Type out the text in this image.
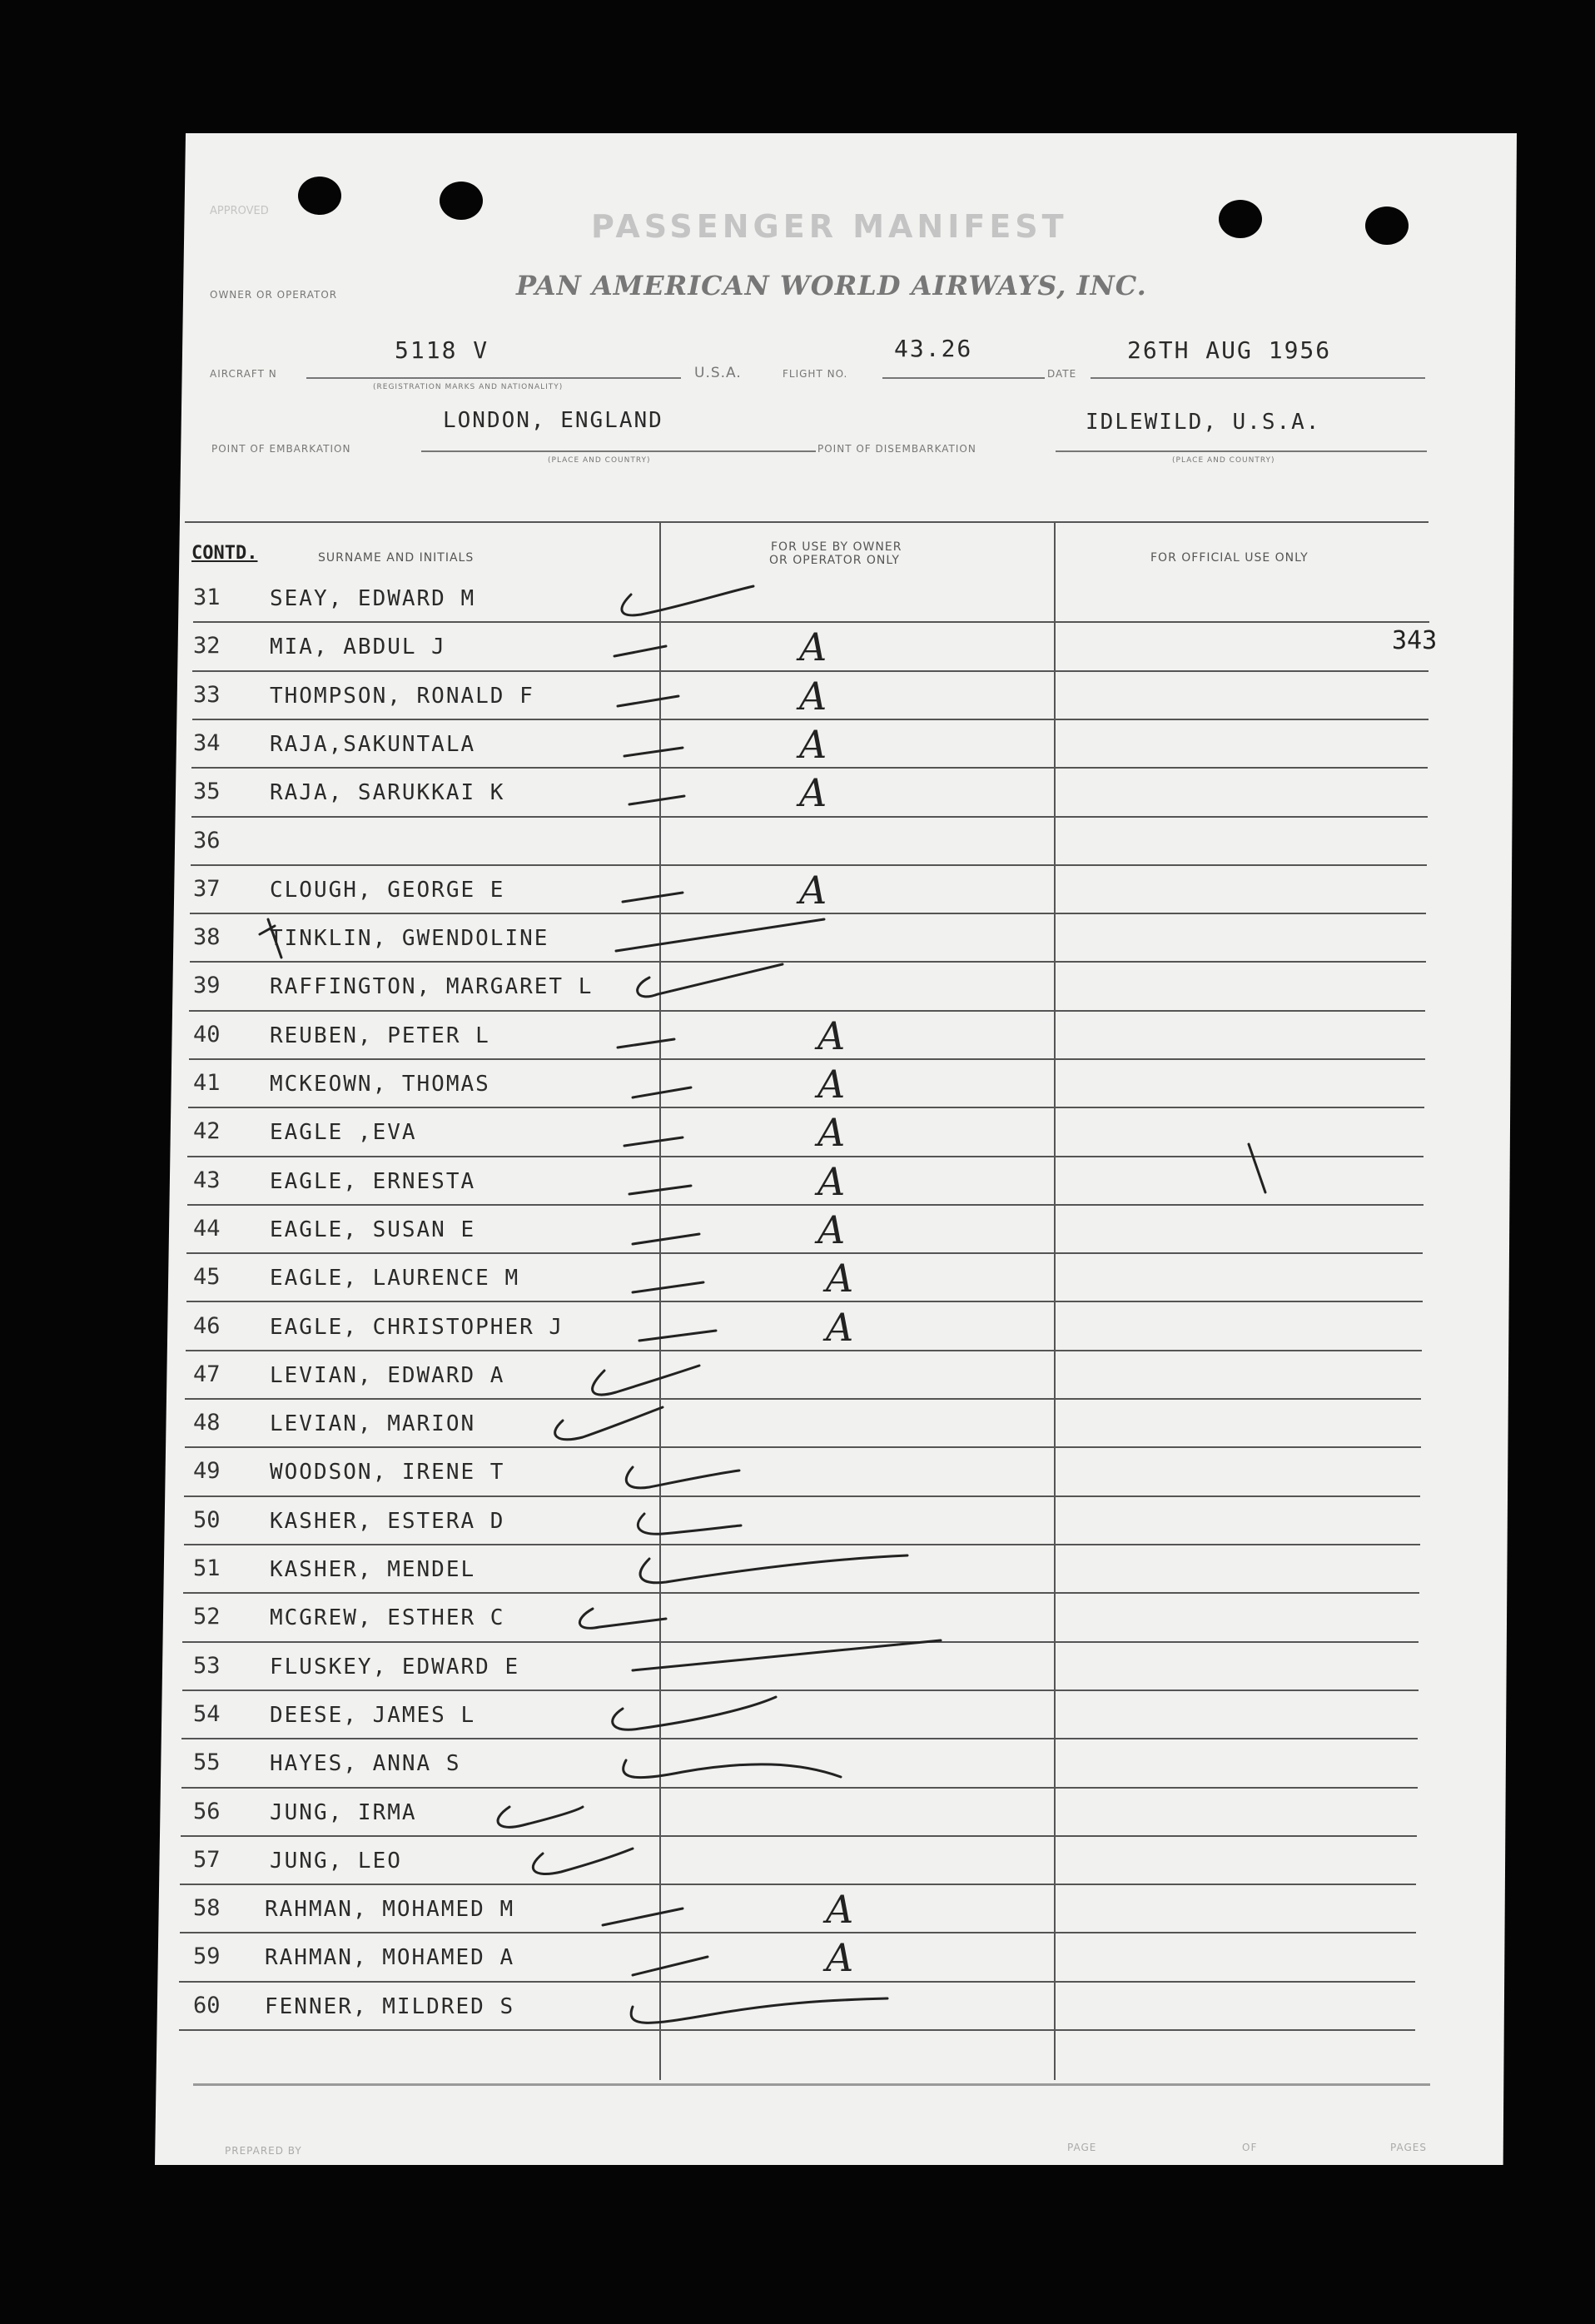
APPROVED	PASSENGER MANIFEST
OWNER OR OPERATOR	PAN AMERICAN WORLD AIRWAYS, INC.
AIRCRAFT N
5118 V
U.S.A.	FLIGHT NO.
43.26
DATE
26TH AUG 1956
(REGISTRATION MARKS AND NATIONALITY)
LONDON, ENGLAND
POINT OF EMBARKATION
(PLACE AND COUNTRY)
POINT OF DISEMBARKATION
IDLEWILD, U.S.A.
(PLACE AND COUNTRY)
CONTD.	SURNAME AND INITIALS
FOR USE BY OWNER
OR OPERATOR ONLY	FOR OFFICIAL USE ONLY
343
31 SEAY, EDWARD M
32 MIA, ABDUL J	A
33 THOMPSON, RONALD F	A
34 RAJA,SAKUNTALA	A
35 RAJA, SARUKKAI K	A
36
37 CLOUGH, GEORGE E	A
38 TINKLIN, GWENDOLINE
39 RAFFINGTON, MARGARET L
40 REUBEN, PETER L	A
41 MCKEOWN, THOMAS	A
42 EAGLE ,EVA	A
43 EAGLE, ERNESTA	A
44 EAGLE, SUSAN E	A
45 EAGLE, LAURENCE M	A
46 EAGLE, CHRISTOPHER J	A
47 LEVIAN, EDWARD A
48 LEVIAN, MARION
49 WOODSON, IRENE T
50 KASHER, ESTERA D
51 KASHER, MENDEL
52 MCGREW, ESTHER C
53 FLUSKEY, EDWARD E
54 DEESE, JAMES L
55 HAYES, ANNA S
56 JUNG, IRMA
57 JUNG, LEO
58 RAHMAN, MOHAMED M	A
59 RAHMAN, MOHAMED A	A
60 FENNER, MILDRED S
PREPARED BY	PAGE	OF	PAGES
